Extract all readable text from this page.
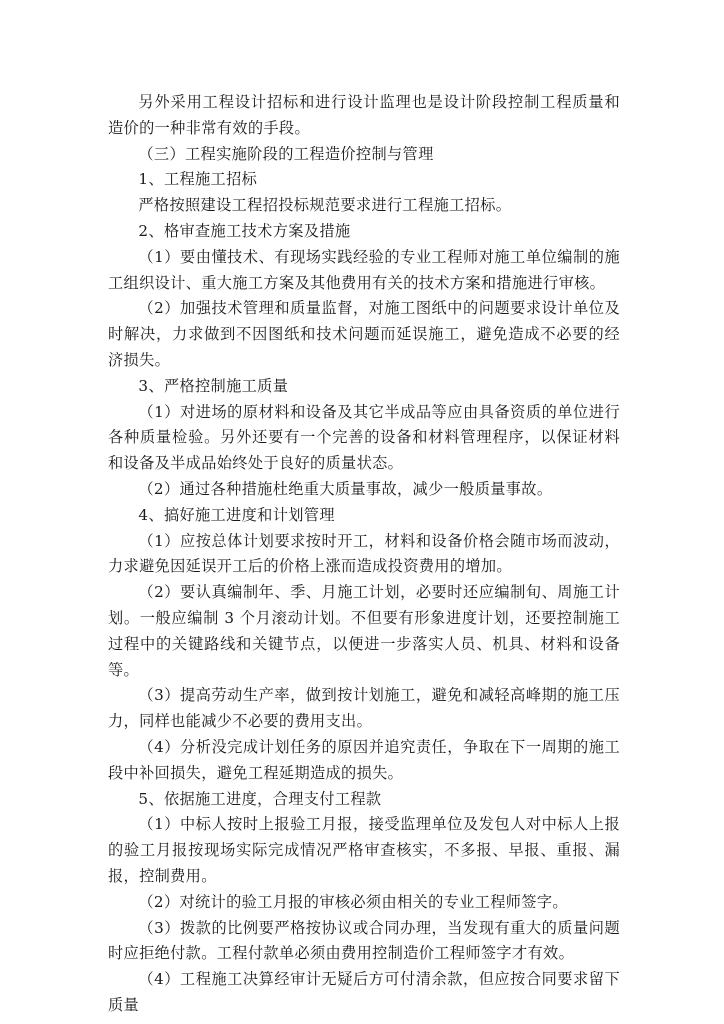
另外采用工程设计招标和进行设计监理也是设计阶段控制工程质量和造价的一种非常有效的手段。

（三）工程实施阶段的工程造价控制与管理

1、工程施工招标

严格按照建设工程招投标规范要求进行工程施工招标。

2、格审查施工技术方案及措施

（1）要由懂技术、有现场实践经验的专业工程师对施工单位编制的施工组织设计、重大施工方案及其他费用有关的技术方案和措施进行审核。

（2）加强技术管理和质量监督，对施工图纸中的问题要求设计单位及时解决，力求做到不因图纸和技术问题而延误施工，避免造成不必要的经济损失。

3、严格控制施工质量

（1）对进场的原材料和设备及其它半成品等应由具备资质的单位进行各种质量检验。另外还要有一个完善的设备和材料管理程序，以保证材料和设备及半成品始终处于良好的质量状态。

（2）通过各种措施杜绝重大质量事故，减少一般质量事故。

4、搞好施工进度和计划管理

（1）应按总体计划要求按时开工，材料和设备价格会随市场而波动，力求避免因延误开工后的价格上涨而造成投资费用的增加。

（2）要认真编制年、季、月施工计划，必要时还应编制旬、周施工计划。一般应编制 3 个月滚动计划。不但要有形象进度计划，还要控制施工过程中的关键路线和关键节点，以便进一步落实人员、机具、材料和设备等。

（3）提高劳动生产率，做到按计划施工，避免和减轻高峰期的施工压力，同样也能减少不必要的费用支出。

（4）分析没完成计划任务的原因并追究责任，争取在下一周期的施工段中补回损失，避免工程延期造成的损失。

5、依据施工进度，合理支付工程款

（1）中标人按时上报验工月报，接受监理单位及发包人对中标人上报的验工月报按现场实际完成情况严格审查核实，不多报、早报、重报、漏报，控制费用。

（2）对统计的验工月报的审核必须由相关的专业工程师签字。

（3）拨款的比例要严格按协议或合同办理，当发现有重大的质量问题时应拒绝付款。工程付款单必须由费用控制造价工程师签字才有效。

（4）工程施工决算经审计无疑后方可付清余款，但应按合同要求留下质量
